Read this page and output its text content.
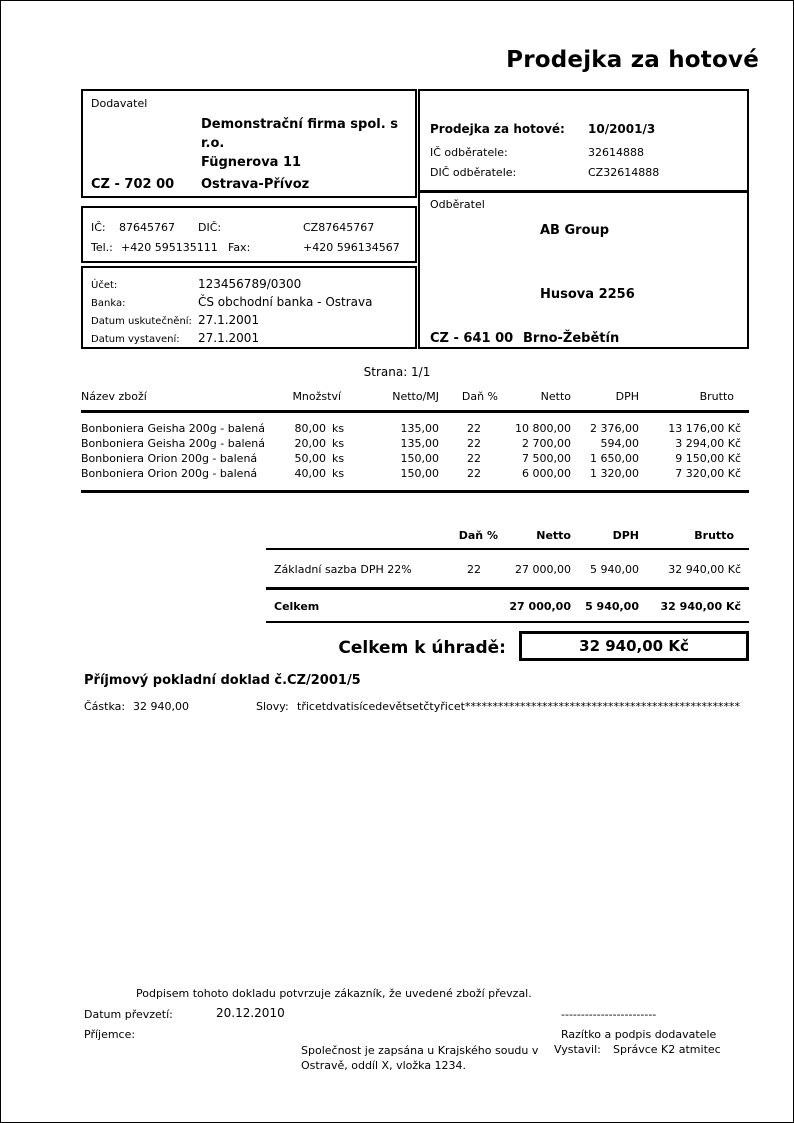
Prodejka za hotové
Dodavatel
Demonstrační firma spol. s
r.o.
Fügnerova 11
CZ - 702 00 Ostrava-Přívoz
Prodejka za hotové: 10/2001/3
IČ odběratele:	32614888
DIČ odběratele:	CZ32614888
Odběratel
AB Group
Husova 2256
CZ - 641 00 Brno-Žebětín
IČ: 87645767 DIČ:	CZ87645767
Tel.: +420 595135111 Fax:	+420 596134567
Účet:	123456789/0300
Banka:	ČS obchodní banka - Ostrava
Datum uskutečnění: 27.1.2001
Datum vystavení: 27.1.2001
Strana: 1/1
Název zboží	Množství		Netto/MJ	Daň %	Netto	DPH	Brutto
Bonboniera Geisha 200g - balená	80,00	ks	135,00	22	10 800,00	2 376,00	13 176,00 Kč
Bonboniera Geisha 200g - balená	20,00	ks	135,00	22	2 700,00	594,00	3 294,00 Kč
Bonboniera Orion 200g - balená	50,00	ks	150,00	22	7 500,00	1 650,00	9 150,00 Kč
Bonboniera Orion 200g - balená	40,00	ks	150,00	22	6 000,00	1 320,00	7 320,00 Kč
	Daň %	Netto	DPH	Brutto
Základní sazba DPH 22%	22	27 000,00	5 940,00	32 940,00 Kč
Celkem		27 000,00	5 940,00	32 940,00 Kč
Celkem k úhradě:	32 940,00 Kč
Příjmový pokladní doklad č.CZ/2001/5
Částka: 32 940,00	Slovy: třicetdvatisícedevětsetčtyřicet**************************************************
Podpisem tohoto dokladu potvrzuje zákazník, že uvedené zboží převzal.
Datum převzetí:	20.12.2010	------------------------
Příjemce:	Razítko a podpis dodavatele
Společnost je zapsána u Krajského soudu v
Ostravě, oddíl X, vložka 1234.
Vystavil: Správce K2 atmitec
